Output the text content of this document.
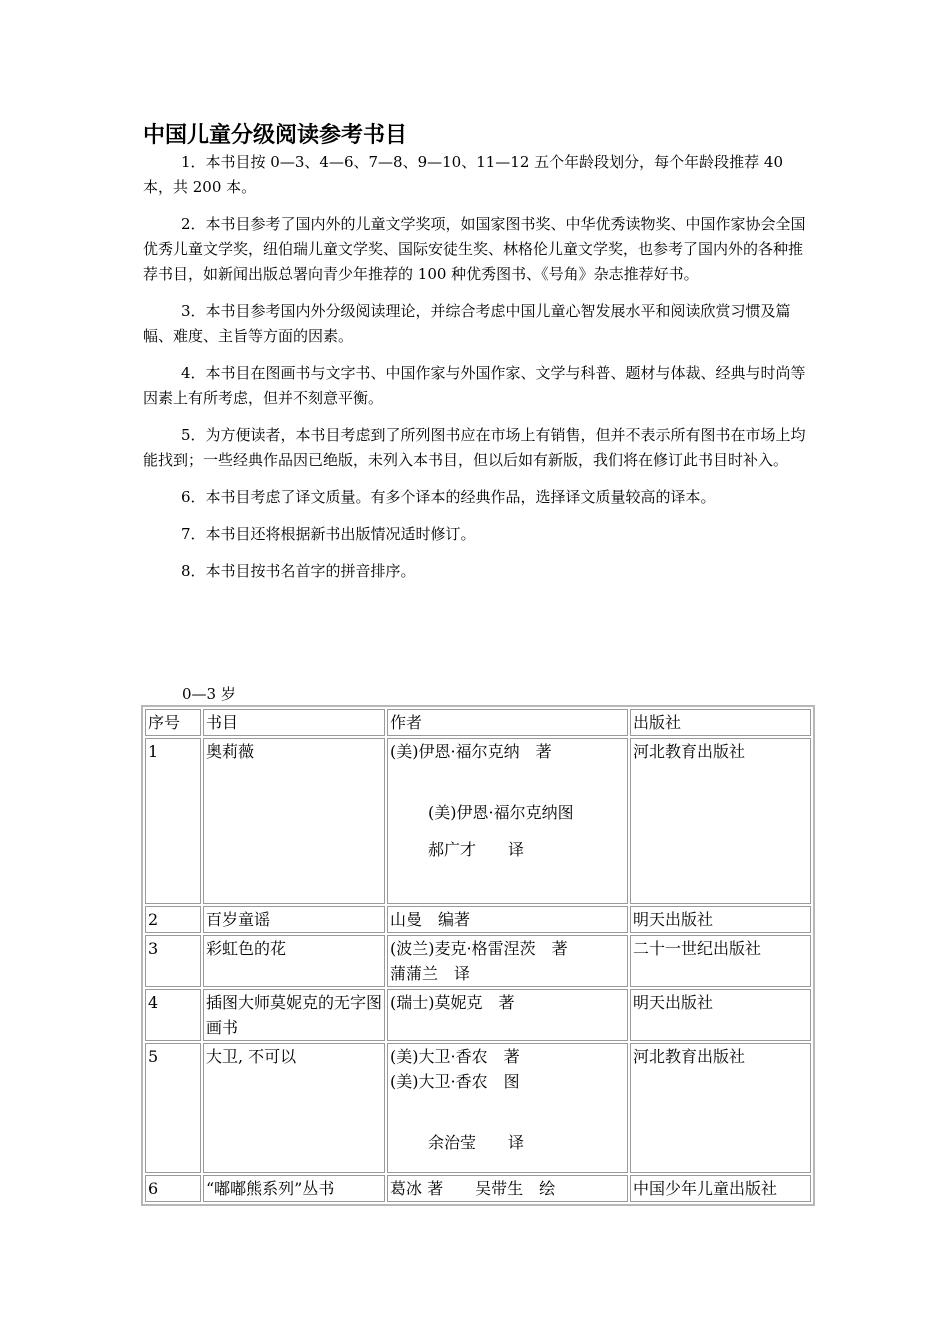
中国儿童分级阅读参考书目

1．本书目按 0—3、4—6、7—8、9—10、11—12 五个年龄段划分，每个年龄段推荐 40 本，共 200 本。

2．本书目参考了国内外的儿童文学奖项，如国家图书奖、中华优秀读物奖、中国作家协会全国优秀儿童文学奖，纽伯瑞儿童文学奖、国际安徒生奖、林格伦儿童文学奖，也参考了国内外的各种推荐书目，如新闻出版总署向青少年推荐的 100 种优秀图书、《号角》杂志推荐好书。

3．本书目参考国内外分级阅读理论，并综合考虑中国儿童心智发展水平和阅读欣赏习惯及篇幅、难度、主旨等方面的因素。

4．本书目在图画书与文字书、中国作家与外国作家、文学与科普、题材与体裁、经典与时尚等因素上有所考虑，但并不刻意平衡。

5．为方便读者，本书目考虑到了所列图书应在市场上有销售，但并不表示所有图书在市场上均能找到；一些经典作品因已绝版，未列入本书目，但以后如有新版，我们将在修订此书目时补入。

6．本书目考虑了译文质量。有多个译本的经典作品，选择译文质量较高的译本。

7．本书目还将根据新书出版情况适时修订。

8．本书目按书名首字的拼音排序。

0—3 岁
序号	书目	作者	出版社
1	奥莉薇	(美)伊恩·福尔克纳　著
(美)伊恩·福尔克纳图
郝广才　　译	河北教育出版社
2	百岁童谣	山曼　编著	明天出版社
3	彩虹色的花	(波兰)麦克·格雷涅茨　著
蒲蒲兰　译	二十一世纪出版社
4	插图大师莫妮克的无字图画书	(瑞士)莫妮克　著	明天出版社
5	大卫, 不可以	(美)大卫·香农　著
(美)大卫·香农　图
余治莹　　译	河北教育出版社
6	“嘟嘟熊系列”丛书	葛冰 著　　吴带生　绘	中国少年儿童出版社
